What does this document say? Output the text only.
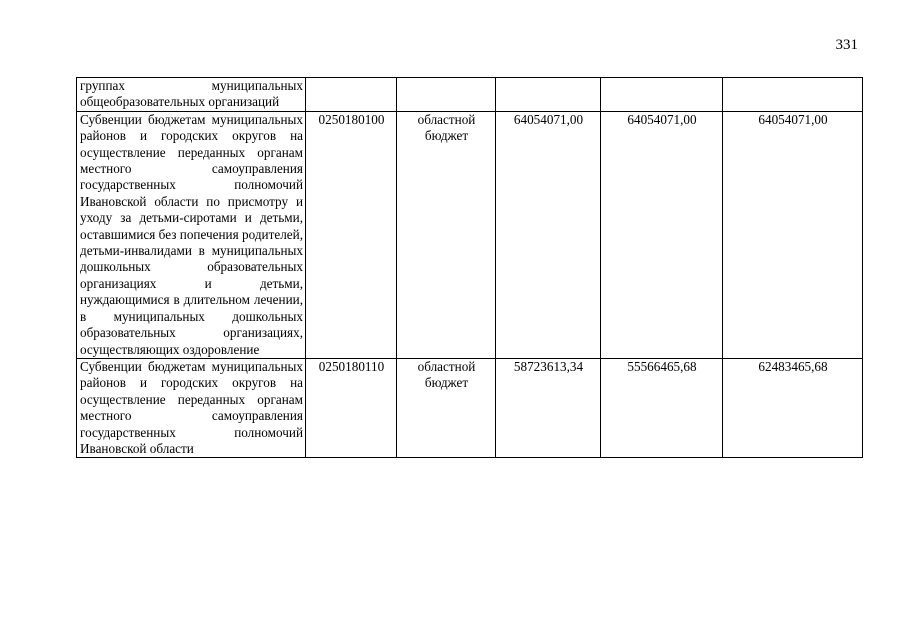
331
группах муниципальных общеобразовательных организаций					
Субвенции бюджетам муниципальных районов и городских округов на осуществление переданных органам местного самоуправления государственных полномочий Ивановской области по присмотру и уходу за детьми-сиротами и детьми, оставшимися без попечения родителей, детьми-инвалидами в муниципальных дошкольных образовательных организациях и детьми, нуждающимися в длительном лечении, в муниципальных дошкольных образовательных организациях, осуществляющих оздоровление	0250180100	областной бюджет	64054071,00	64054071,00	64054071,00
Субвенции бюджетам муниципальных районов и городских округов на осуществление переданных органам местного самоуправления государственных полномочий Ивановской области	0250180110	областной бюджет	58723613,34	55566465,68	62483465,68
